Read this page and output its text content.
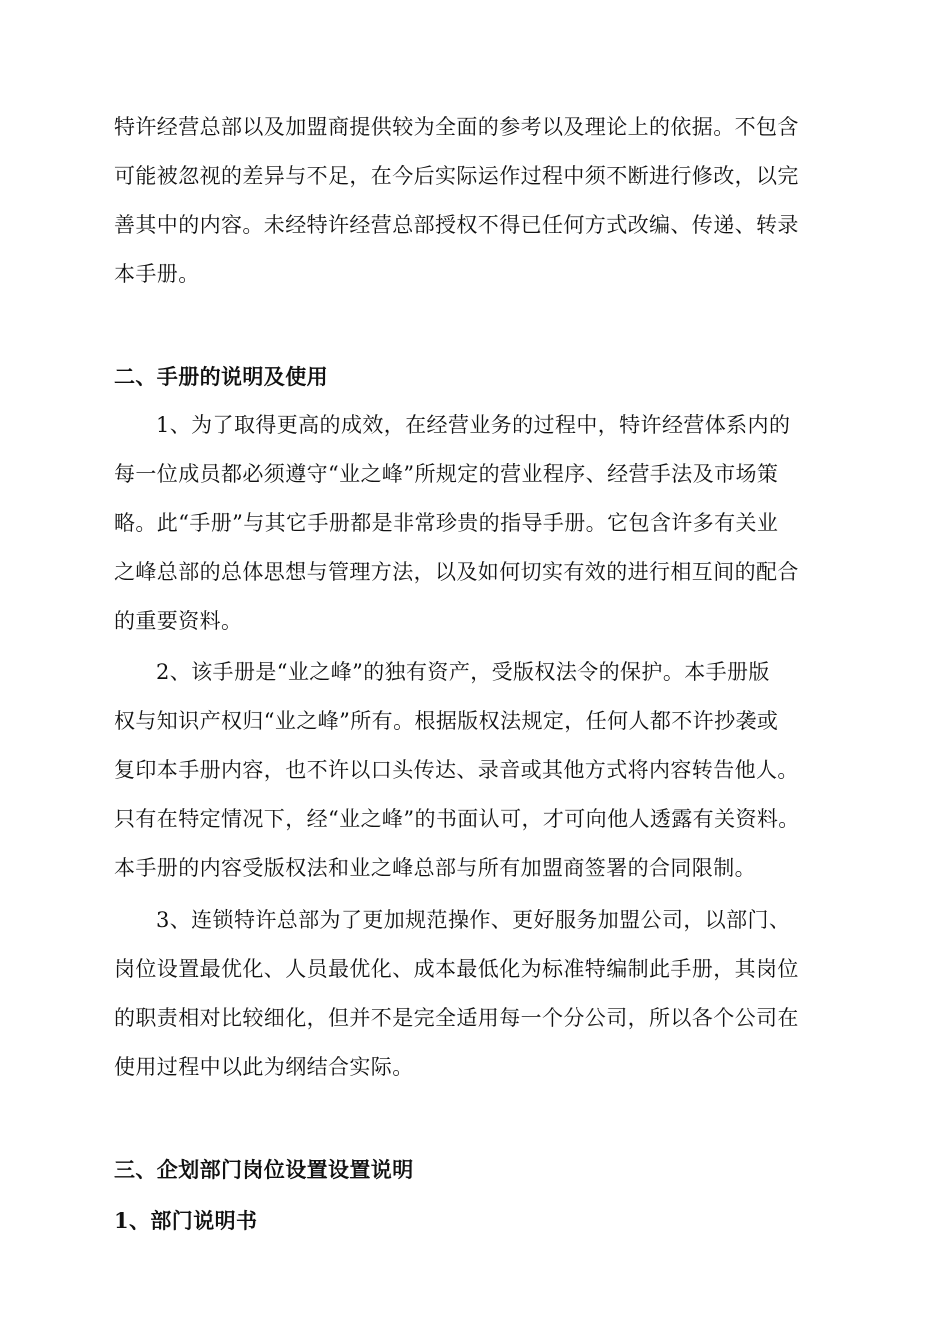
特许经营总部以及加盟商提供较为全面的参考以及理论上的依据。不包含
可能被忽视的差异与不足，在今后实际运作过程中须不断进行修改，以完
善其中的内容。未经特许经营总部授权不得已任何方式改编、传递、转录
本手册。
二、手册的说明及使用
1、为了取得更高的成效，在经营业务的过程中，特许经营体系内的
每一位成员都必须遵守“业之峰”所规定的营业程序、经营手法及市场策
略。此“手册”与其它手册都是非常珍贵的指导手册。它包含许多有关业
之峰总部的总体思想与管理方法，以及如何切实有效的进行相互间的配合
的重要资料。
2、该手册是“业之峰”的独有资产，受版权法令的保护。本手册版
权与知识产权归“业之峰”所有。根据版权法规定，任何人都不许抄袭或
复印本手册内容，也不许以口头传达、录音或其他方式将内容转告他人。
只有在特定情况下，经“业之峰”的书面认可，才可向他人透露有关资料。
本手册的内容受版权法和业之峰总部与所有加盟商签署的合同限制。
3、连锁特许总部为了更加规范操作、更好服务加盟公司，以部门、
岗位设置最优化、人员最优化、成本最低化为标准特编制此手册，其岗位
的职责相对比较细化，但并不是完全适用每一个分公司，所以各个公司在
使用过程中以此为纲结合实际。
三、企划部门岗位设置设置说明
1、部门说明书
